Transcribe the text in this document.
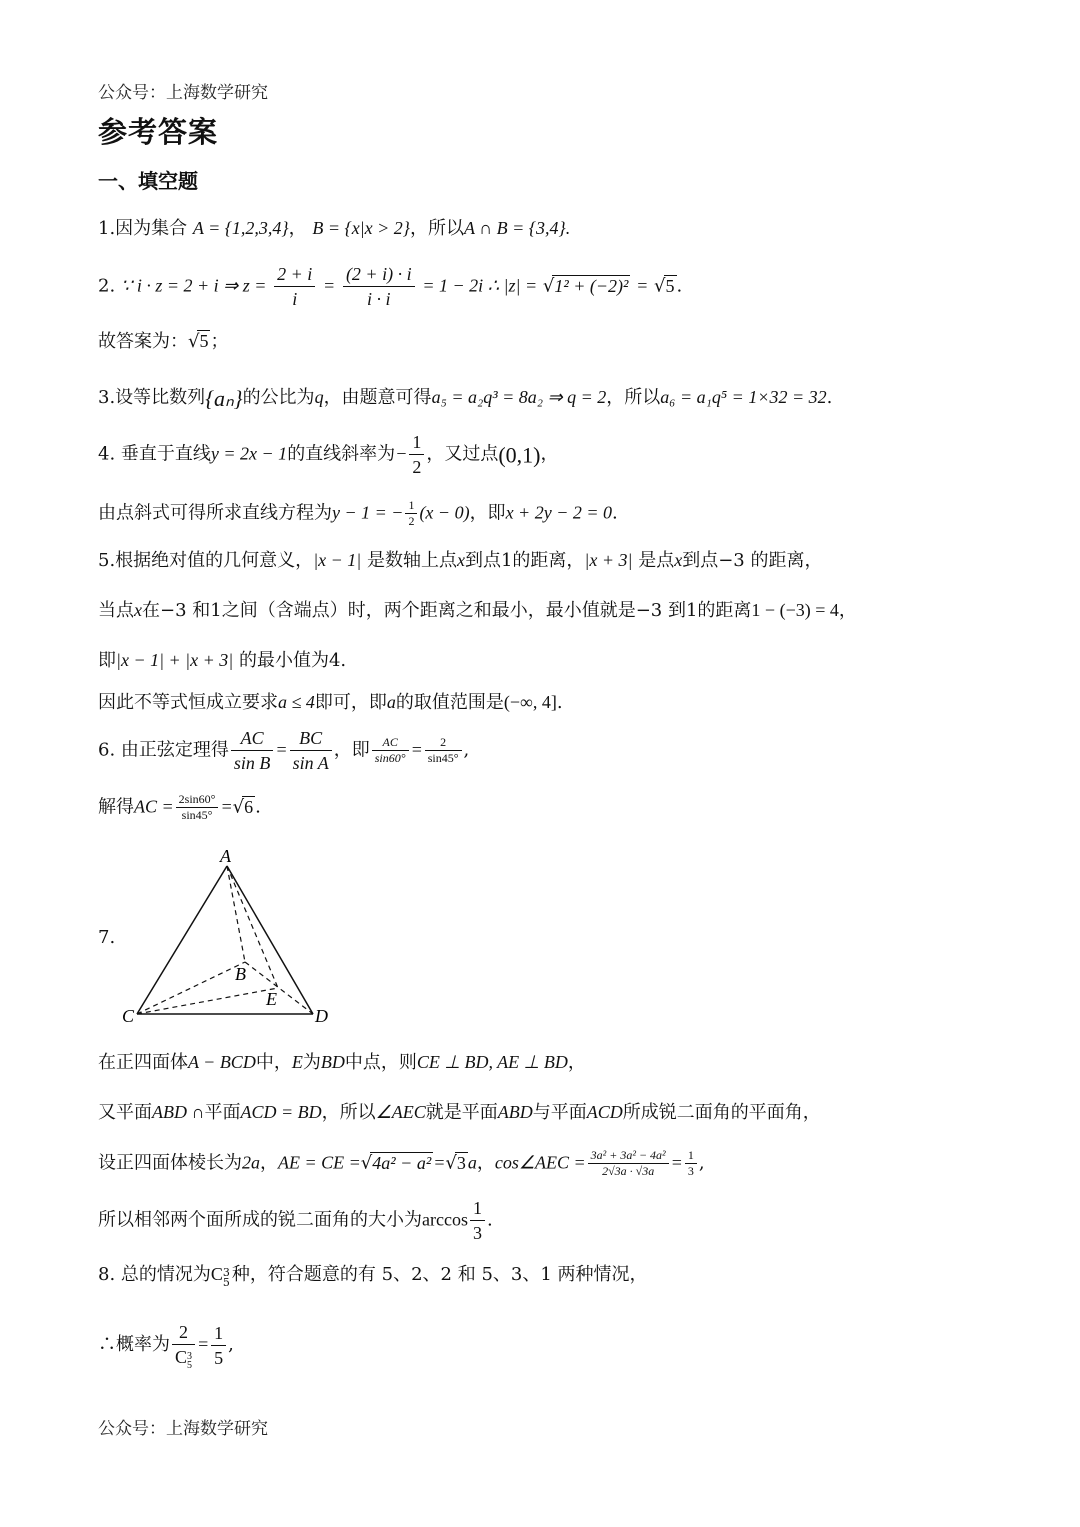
公众号：上海数学研究
参考答案
一、填空题
1.因为集合 A = {1,2,3,4}， B = {x|x > 2}，所以A ∩ B = {3,4}.
2. ∵ i · z = 2 + i ⇒ $z = \frac{2 + i}{i} = \frac{(2 + i) \cdot i}{i \cdot i} = 1 - 2i$ ∴ |z| = √1² + (−2)² = √5 .
故答案为：√5 ；
3.设等比数列{aₙ}的公比为q，由题意可得a₅ = a₂q³ = 8a₂ ⇒ q = 2，所以a₆ = a₁q⁵ = 1×32 = 32.
4. 垂直于直线y = 2x − 1的直线斜率为− $\frac{1}{2}$ ，又过点(0,1)，
由点斜式可得所求直线方程为y − 1 = − $\frac{1}{2} (x - 0)$，即x + 2y − 2 = 0.
5.根据绝对值的几何意义，|x − 1| 是数轴上点x到点1的距离，|x + 3| 是点x到点−3 的距离，
当点x在−3 和1之间（含端点）时，两个距离之和最小，最小值就是−3 到1的距离1 − (−3) = 4，
即|x − 1| + |x + 3| 的最小值为4.
因此不等式恒成立要求a ≤ 4即可，即a的取值范围是(−∞, 4].
6. 由正弦定理得 $\frac{AC}{\text{sin B}} = \frac{BC}{\text{sin A}}$ ，即 $\frac{AC}{\sin 60^\circ} = \frac{2}{\sin 45^\circ}$ ,
解得AC = $\frac{2\sin 60^\circ}{\sin 45^\circ} =√6$ .
7.
A
B
C	D
E
在正四面体A − BCD中，E为BD中点，则CE ⊥ BD, AE ⊥ BD，
又平面ABD ∩平面ACD = BD，所以∠AEC就是平面ABD与平面ACD所成锐二面角的平面角，
设正四面体棱长为2a，AE = CE =√4a² − a² =√3 a，cos∠AEC = $\frac{\text{3a² + 3a² − 4a²}}{2√3a \cdot √3a} = \frac{1}{3}$ ,
所以相邻两个面所成的锐二面角的大小为$\arccos \frac{1}{3}$ .
8. 总的情况为C 3
5 种，符合题意的有 5、2、2 和 5、3、1 两种情况，
∴概率为 2
C 3
$5 = \frac{1}{5}$ ,
公众号：上海数学研究
